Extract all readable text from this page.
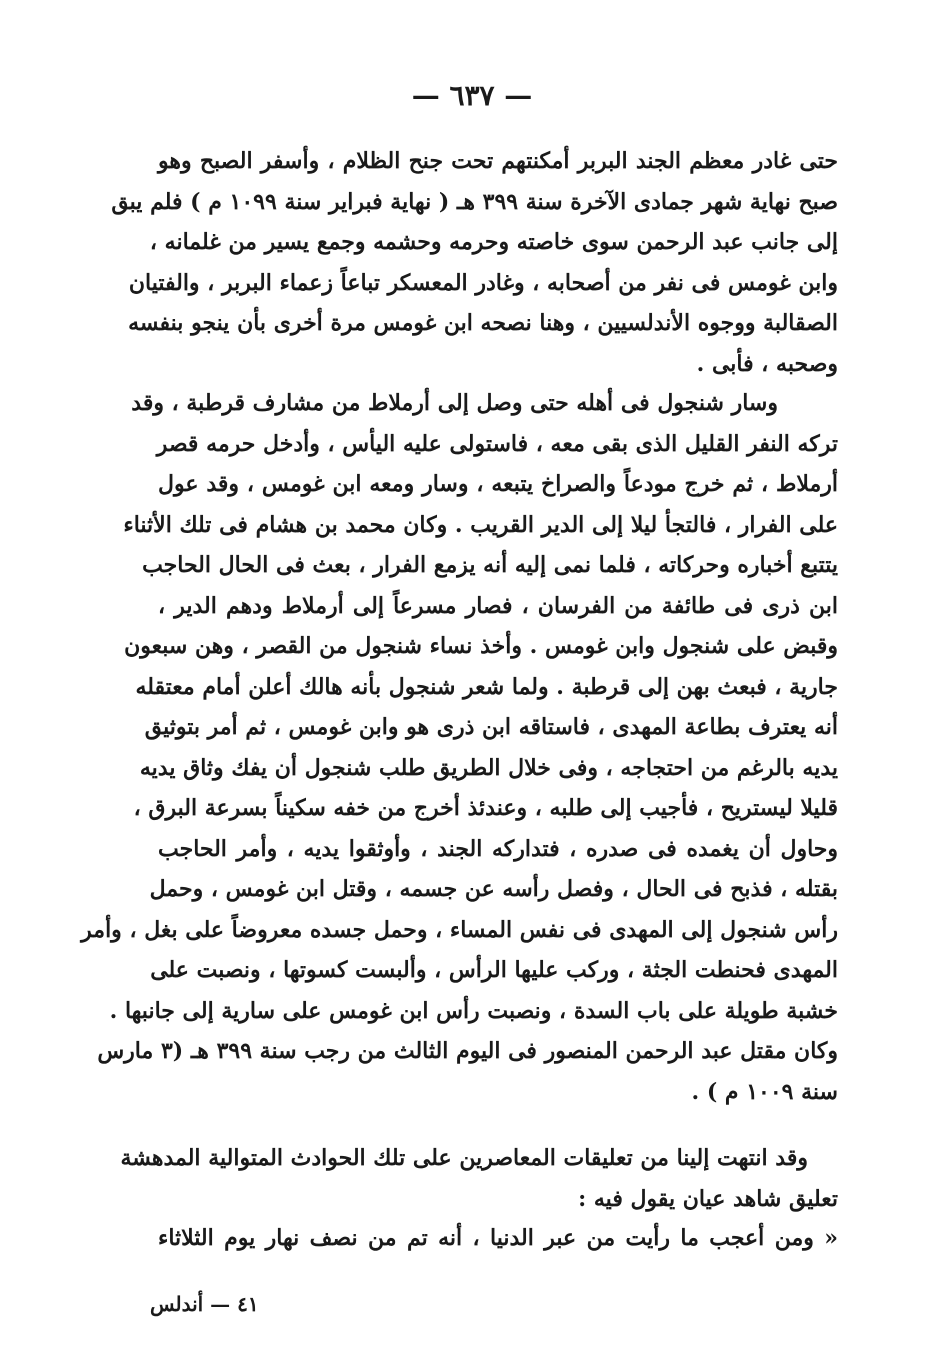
— ٦٣٧ —
حتى غادر معظم الجند البربر أمكنتهم تحت جنح الظلام ، وأسفر الصبح وهو
صبح نهاية شهر جمادى الآخرة سنة ٣٩٩ هـ ( نهاية فبراير سنة ١٠٩٩ م ) فلم يبق
إلى جانب عبد الرحمن سوى خاصته وحرمه وحشمه وجمع يسير من غلمانه ،
وابن غومس فى نفر من أصحابه ، وغادر المعسكر تباعاً زعماء البربر ، والفتيان
الصقالبة ووجوه الأندلسيين ، وهنا نصحه ابن غومس مرة أخرى بأن ينجو بنفسه
وصحبه ، فأبى .
وسار شنجول فى أهله حتى وصل إلى أرملاط من مشارف قرطبة ، وقد
تركه النفر القليل الذى بقى معه ، فاستولى عليه اليأس ، وأدخل حرمه قصر
أرملاط ، ثم خرج مودعاً والصراخ يتبعه ، وسار ومعه ابن غومس ، وقد عول
على الفرار ، فالتجأ ليلا إلى الدير القريب . وكان محمد بن هشام فى تلك الأثناء
يتتبع أخباره وحركاته ، فلما نمى إليه أنه يزمع الفرار ، بعث فى الحال الحاجب
ابن ذرى فى طائفة من الفرسان ، فصار مسرعاً إلى أرملاط ودهم الدير ،
وقبض على شنجول وابن غومس . وأخذ نساء شنجول من القصر ، وهن سبعون
جارية ، فبعث بهن إلى قرطبة . ولما شعر شنجول بأنه هالك أعلن أمام معتقله
أنه يعترف بطاعة المهدى ، فاستاقه ابن ذرى هو وابن غومس ، ثم أمر بتوثيق
يديه بالرغم من احتجاجه ، وفى خلال الطريق طلب شنجول أن يفك وثاق يديه
قليلا ليستريح ، فأجيب إلى طلبه ، وعندئذ أخرج من خفه سكيناً بسرعة البرق ،
وحاول أن يغمده فى صدره ، فتداركه الجند ، وأوثقوا يديه ، وأمر الحاجب
بقتله ، فذبح فى الحال ، وفصل رأسه عن جسمه ، وقتل ابن غومس ، وحمل
رأس شنجول إلى المهدى فى نفس المساء ، وحمل جسده معروضاً على بغل ، وأمر
المهدى فحنطت الجثة ، وركب عليها الرأس ، وألبست كسوتها ، ونصبت على
خشبة طويلة على باب السدة ، ونصبت رأس ابن غومس على سارية إلى جانبها .
وكان مقتل عبد الرحمن المنصور فى اليوم الثالث من رجب سنة ٣٩٩ هـ (٣ مارس
سنة ١٠٠٩ م ) .
وقد انتهت إلينا من تعليقات المعاصرين على تلك الحوادث المتوالية المدهشة
تعليق شاهد عيان يقول فيه :
« ومن أعجب ما رأيت من عبر الدنيا ، أنه تم من نصف نهار يوم الثلاثاء
٤١ — أندلس
